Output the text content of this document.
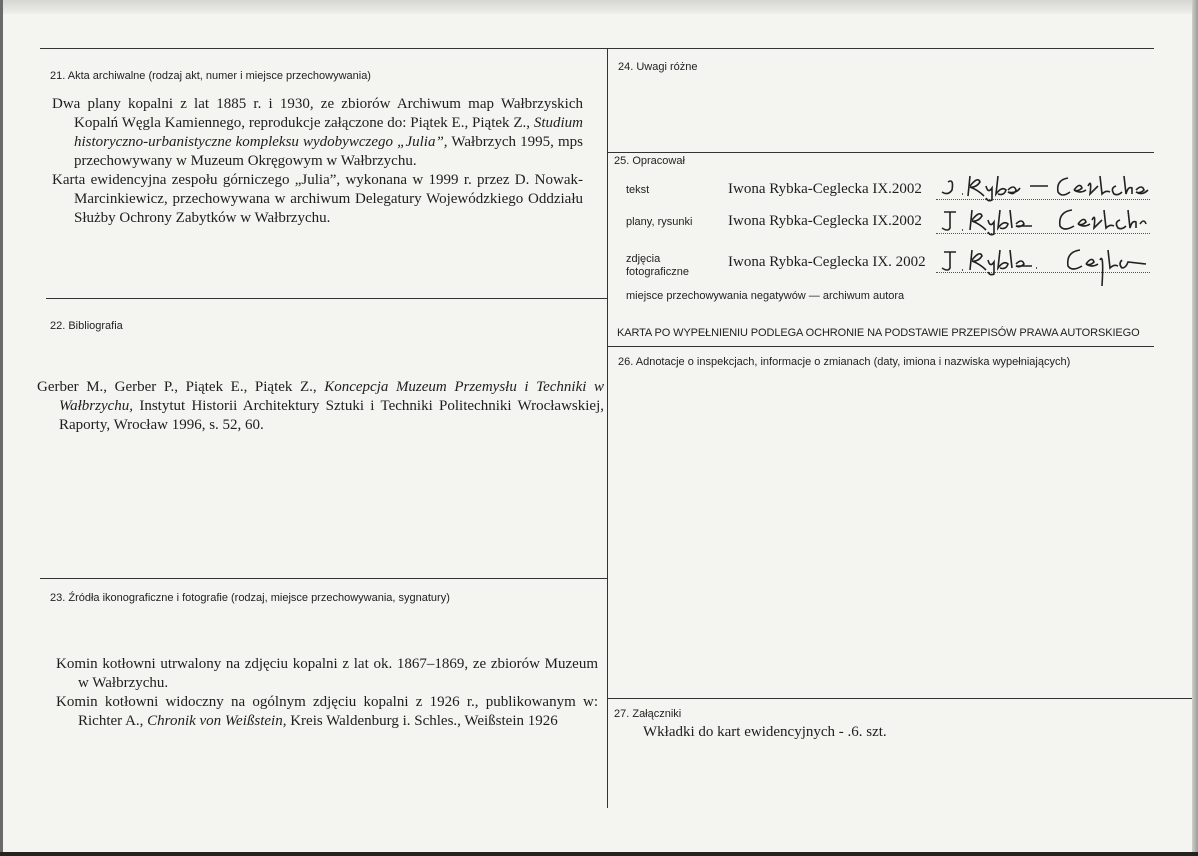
21. Akta archiwalne (rodzaj akt, numer i miejsce przechowywania)

Dwa plany kopalni z lat 1885 r. i 1930, ze zbiorów Archiwum map Wałbrzyskich Kopalń Węgla Kamiennego, reprodukcje załączone do: Piątek E., Piątek Z., Studium historyczno-urbanistyczne kompleksu wydobywczego „Julia”, Wałbrzych 1995, mps przechowywany w Muzeum Okręgowym w Wałbrzychu.

Karta ewidencyjna zespołu górniczego „Julia”, wykonana w 1999 r. przez D. Nowak-Marcinkiewicz, przechowywana w archiwum Delegatury Wojewódzkiego Oddziału Służby Ochrony Zabytków w Wałbrzychu.

22. Bibliografia

Gerber M., Gerber P., Piątek E., Piątek Z., Koncepcja Muzeum Przemysłu i Techniki w Wałbrzychu, Instytut Historii Architektury Sztuki i Techniki Politechniki Wrocławskiej, Raporty, Wrocław 1996, s. 52, 60.

23. Źródła ikonograficzne i fotografie (rodzaj, miejsce przechowywania, sygnatury)

Komin kotłowni utrwalony na zdjęciu kopalni z lat ok. 1867–1869, ze zbiorów Muzeum w Wałbrzychu.

Komin kotłowni widoczny na ogólnym zdjęciu kopalni z 1926 r., publikowanym w: Richter A., Chronik von Weißstein, Kreis Waldenburg i. Schles., Weißstein 1926

24. Uwagi różne
25. Opracował
tekst	Iwona Rybka-Ceglecka IX.2002
plany, rysunki Iwona Rybka-Ceglecka IX.2002
zdjęcia
fotograficzne
Iwona Rybka-Ceglecka IX. 2002
miejsce przechowywania negatywów — archiwum autora
KARTA PO WYPEŁNIENIU PODLEGA OCHRONIE NA PODSTAWIE PRZEPISÓW PRAWA AUTORSKIEGO
26. Adnotacje o inspekcjach, informacje o zmianach (daty, imiona i nazwiska wypełniających)
27. Załączniki
Wkładki do kart ewidencyjnych - .6. szt.
